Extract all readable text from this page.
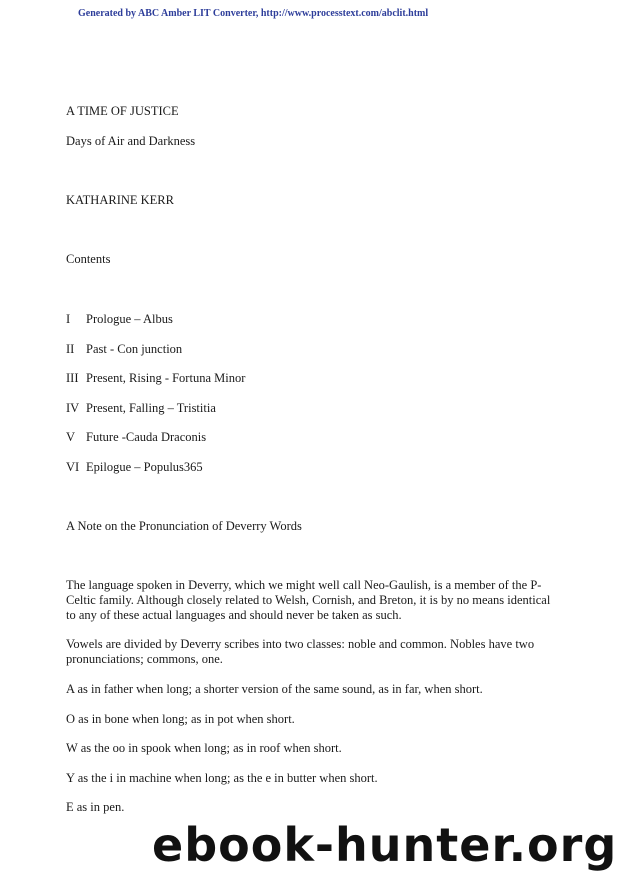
Generated by ABC Amber LIT Converter, http://www.processtext.com/abclit.html
A TIME OF JUSTICE
Days of Air and Darkness
KATHARINE KERR
Contents
I Prologue – Albus
II Past - Con junction
III Present, Rising - Fortuna Minor
IV Present, Falling – Tristitia
V Future -Cauda Draconis
VI Epilogue – Populus365
A Note on the Pronunciation of Deverry Words
The language spoken in Deverry, which we might well call Neo-Gaulish, is a member of the P-Celtic family. Although closely related to Welsh, Cornish, and Breton, it is by no means identical to any of these actual languages and should never be taken as such.
Vowels are divided by Deverry scribes into two classes: noble and common. Nobles have two pronunciations; commons, one.
A as in father when long; a shorter version of the same sound, as in far, when short.
O as in bone when long; as in pot when short.
W as the oo in spook when long; as in roof when short.
Y as the i in machine when long; as the e in butter when short.
E as in pen.
ebook-hunter.org
